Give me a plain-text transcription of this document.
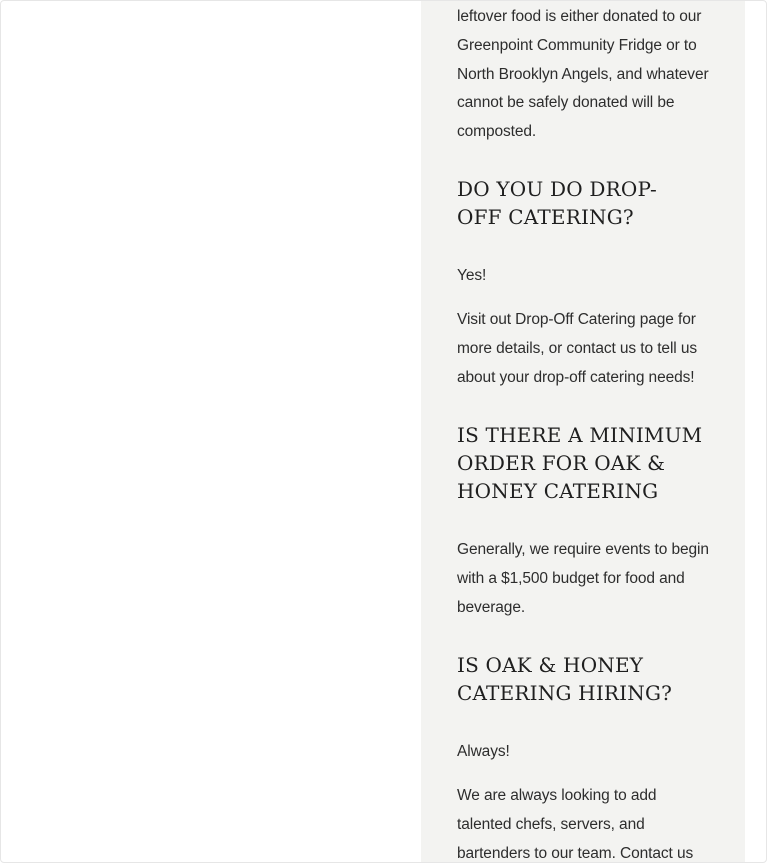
leftover food is either donated to our Greenpoint Community Fridge or to North Brooklyn Angels, and whatever cannot be safely donated will be composted.

DO YOU DO DROP-OFF CATERING?

Yes!

Visit out Drop-Off Catering page for more details, or contact us to tell us about your drop-off catering needs!

IS THERE A MINIMUM ORDER FOR OAK & HONEY CATERING

Generally, we require events to begin with a $1,500 budget for food and beverage.

IS OAK & HONEY CATERING HIRING?

Always!

We are always looking to add talented chefs, servers, and bartenders to our team. Contact us
